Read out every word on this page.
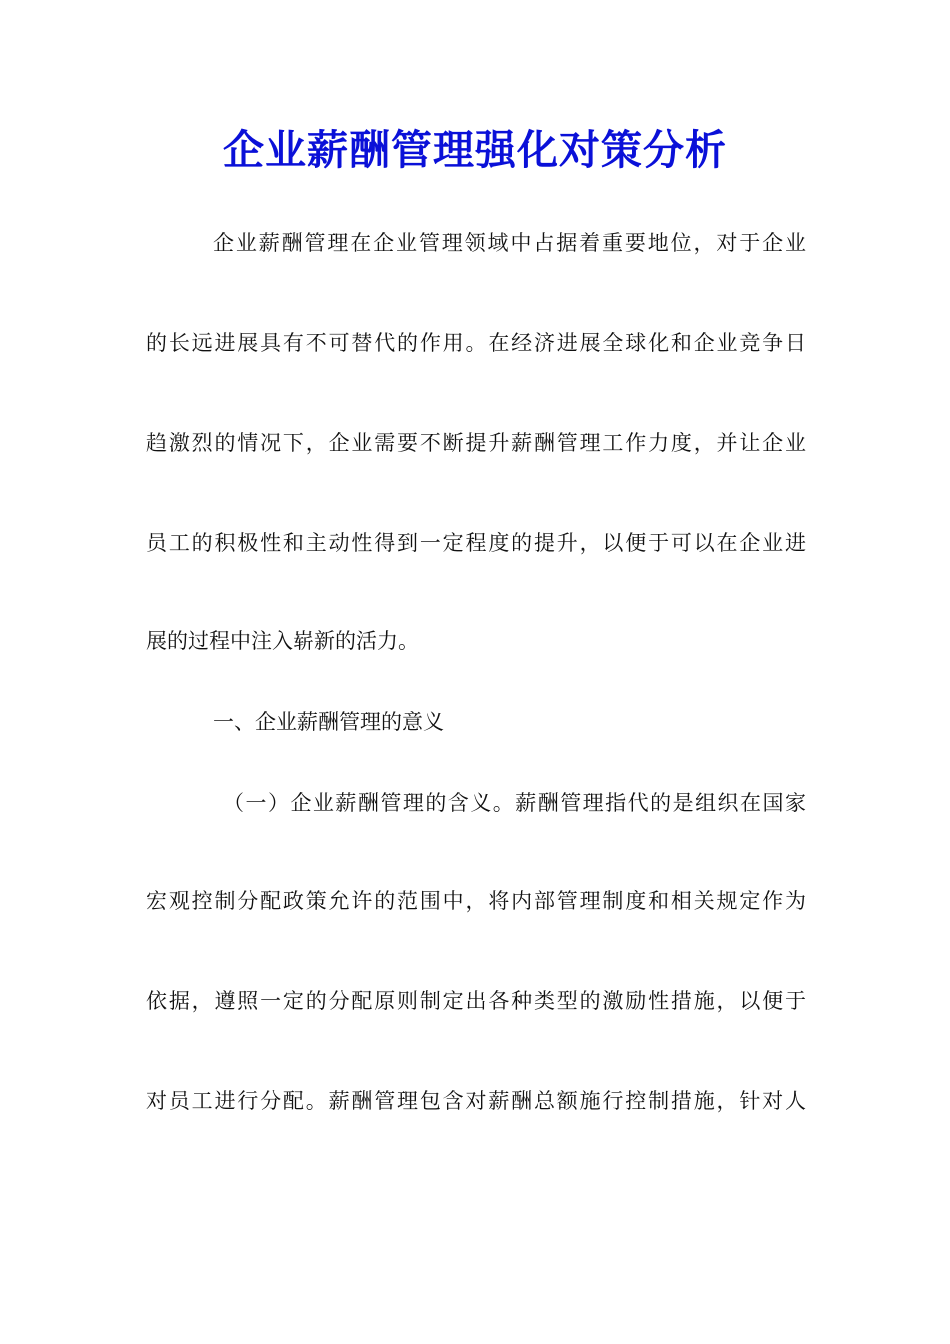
企业薪酬管理强化对策分析

企业薪酬管理在企业管理领域中占据着重要地位，对于企业

的长远进展具有不可替代的作用。在经济进展全球化和企业竞争日

趋激烈的情况下，企业需要不断提升薪酬管理工作力度，并让企业

员工的积极性和主动性得到一定程度的提升，以便于可以在企业进

展的过程中注入崭新的活力。

一、企业薪酬管理的意义

（一）企业薪酬管理的含义。薪酬管理指代的是组织在国家

宏观控制分配政策允许的范围中，将内部管理制度和相关规定作为

依据，遵照一定的分配原则制定出各种类型的激励性措施，以便于

对员工进行分配。薪酬管理包含对薪酬总额施行控制措施，针对人
